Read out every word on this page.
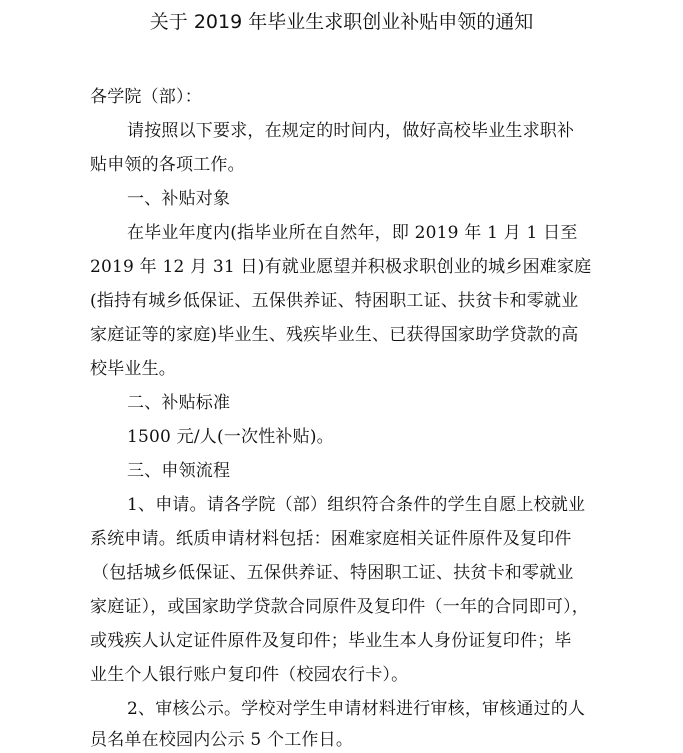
关于 2019 年毕业生求职创业补贴申领的通知
各学院（部）：
请按照以下要求，在规定的时间内，做好高校毕业生求职补
贴申领的各项工作。
一、补贴对象
在毕业年度内(指毕业所在自然年，即 2019 年 1 月 1 日至
2019 年 12 月 31 日)有就业愿望并积极求职创业的城乡困难家庭
(指持有城乡低保证、五保供养证、特困职工证、扶贫卡和零就业
家庭证等的家庭)毕业生、残疾毕业生、已获得国家助学贷款的高
校毕业生。
二、补贴标准
1500 元/人(一次性补贴)。
三、申领流程
1、申请。请各学院（部）组织符合条件的学生自愿上校就业
系统申请。纸质申请材料包括：困难家庭相关证件原件及复印件
（包括城乡低保证、五保供养证、特困职工证、扶贫卡和零就业
家庭证），或国家助学贷款合同原件及复印件（一年的合同即可），
或残疾人认定证件原件及复印件；毕业生本人身份证复印件；毕
业生个人银行账户复印件（校园农行卡）。
2、审核公示。学校对学生申请材料进行审核，审核通过的人
员名单在校园内公示 5 个工作日。
